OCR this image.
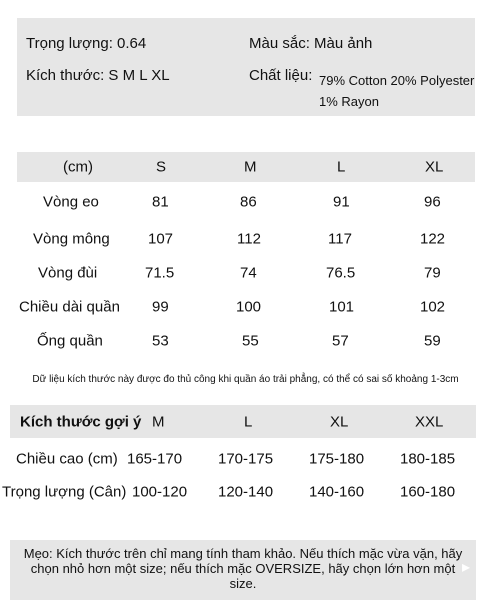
Trọng lượng: 0.64
Kích thước: S M L XL
Màu sắc: Màu ảnh
Chất liệu: 79% Cotton 20% Polyester 1% Rayon
(cm)	S	M	L	XL
Vòng eo	81	86	91	96
Vòng mông	107	112	117	122
Vòng đùi	71.5	74	76.5	79
Chiều dài quần 99	100	101	102
Ống quần	53	55	57	59
Dữ liệu kích thước này được đo thủ công khi quần áo trải phẳng, có thể có sai số khoảng 1-3cm
Kích thước gợi ý M	L	XL	XXL
Chiều cao (cm) 165-170 170-175 175-180 180-185
Trọng lượng (Cân) 100-120 120-140 140-160 160-180
Mẹo: Kích thước trên chỉ mang tính tham khảo. Nếu thích mặc vừa vặn, hãy chọn nhỏ hơn một size; nếu thích mặc OVERSIZE, hãy chọn lớn hơn một size.
▸
